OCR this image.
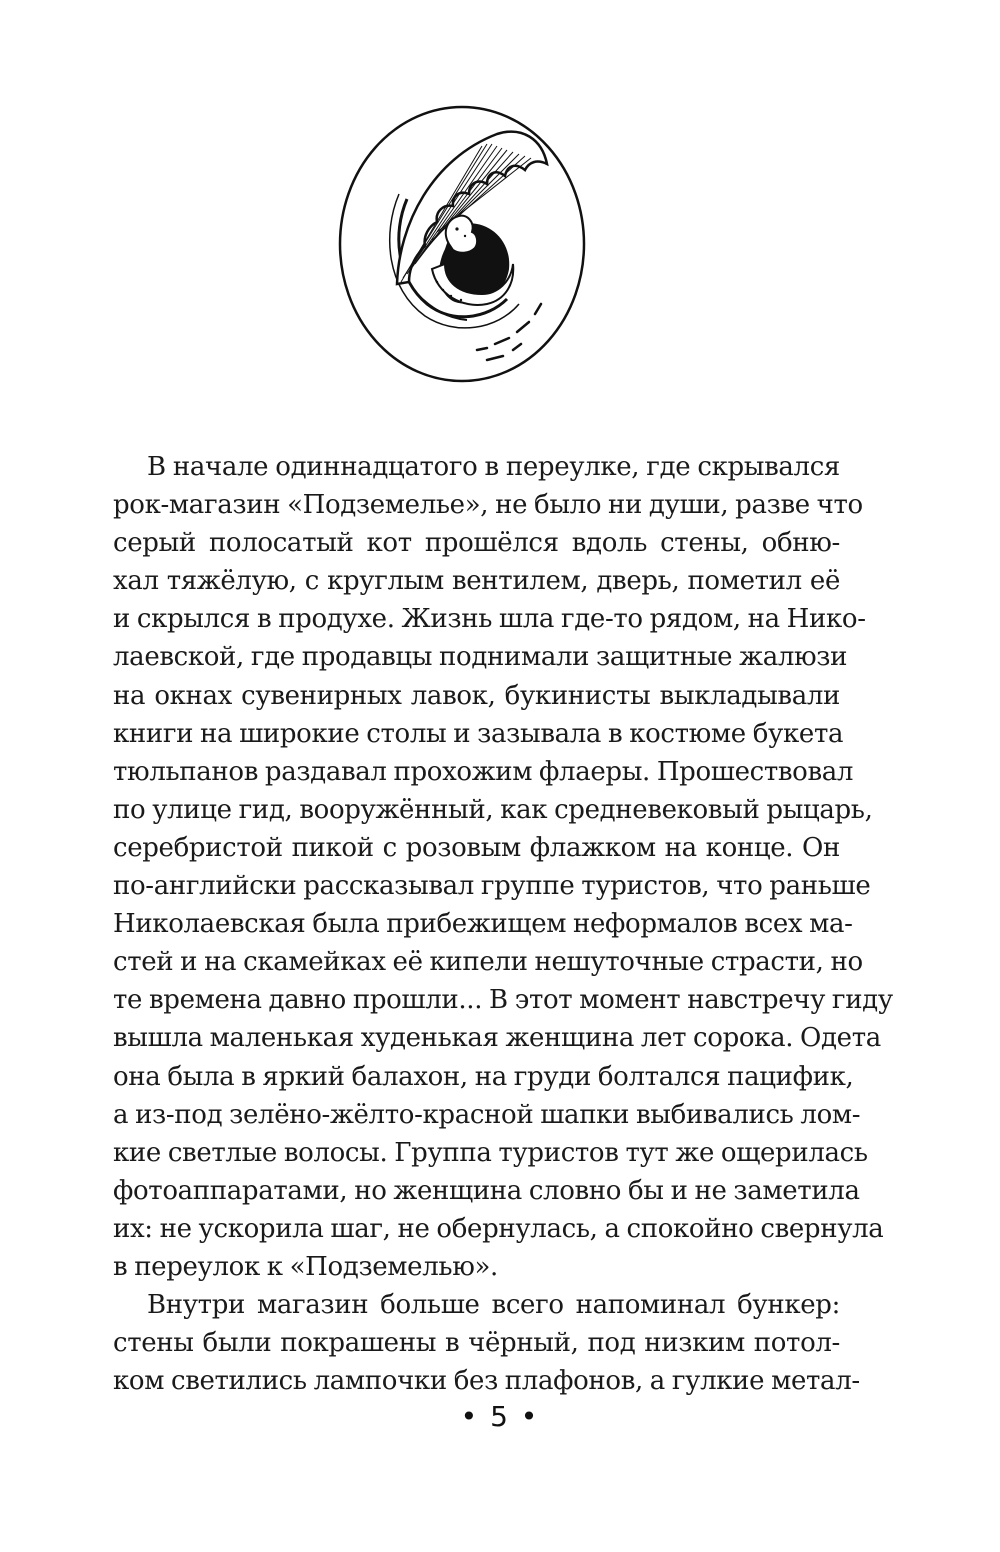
В начале одиннадцатого в переулке, где скрывался
рок-магазин «Подземелье», не было ни души, разве что
серый полосатый кот прошёлся вдоль стены, обню-
хал тяжёлую, с круглым вентилем, дверь, пометил её
и скрылся в продухе. Жизнь шла где-то рядом, на Нико-
лаевской, где продавцы поднимали защитные жалюзи
на окнах сувенирных лавок, букинисты выкладывали
книги на широкие столы и зазывала в костюме букета
тюльпанов раздавал прохожим флаеры. Прошествовал
по улице гид, вооружённый, как средневековый рыцарь,
серебристой пикой с розовым флажком на конце. Он
по-английски рассказывал группе туристов, что раньше
Николаевская была прибежищем неформалов всех ма-
стей и на скамейках её кипели нешуточные страсти, но
те времена давно прошли... В этот момент навстречу гиду
вышла маленькая худенькая женщина лет сорока. Одета
она была в яркий балахон, на груди болтался пацифик,
а из-под зелёно-жёлто-красной шапки выбивались лом-
кие светлые волосы. Группа туристов тут же ощерилась
фотоаппаратами, но женщина словно бы и не заметила
их: не ускорила шаг, не обернулась, а спокойно свернула
в переулок к «Подземелью».
Внутри магазин больше всего напоминал бункер:
стены были покрашены в чёрный, под низким потол-
ком светились лампочки без плафонов, а гулкие метал-
• 5 •
